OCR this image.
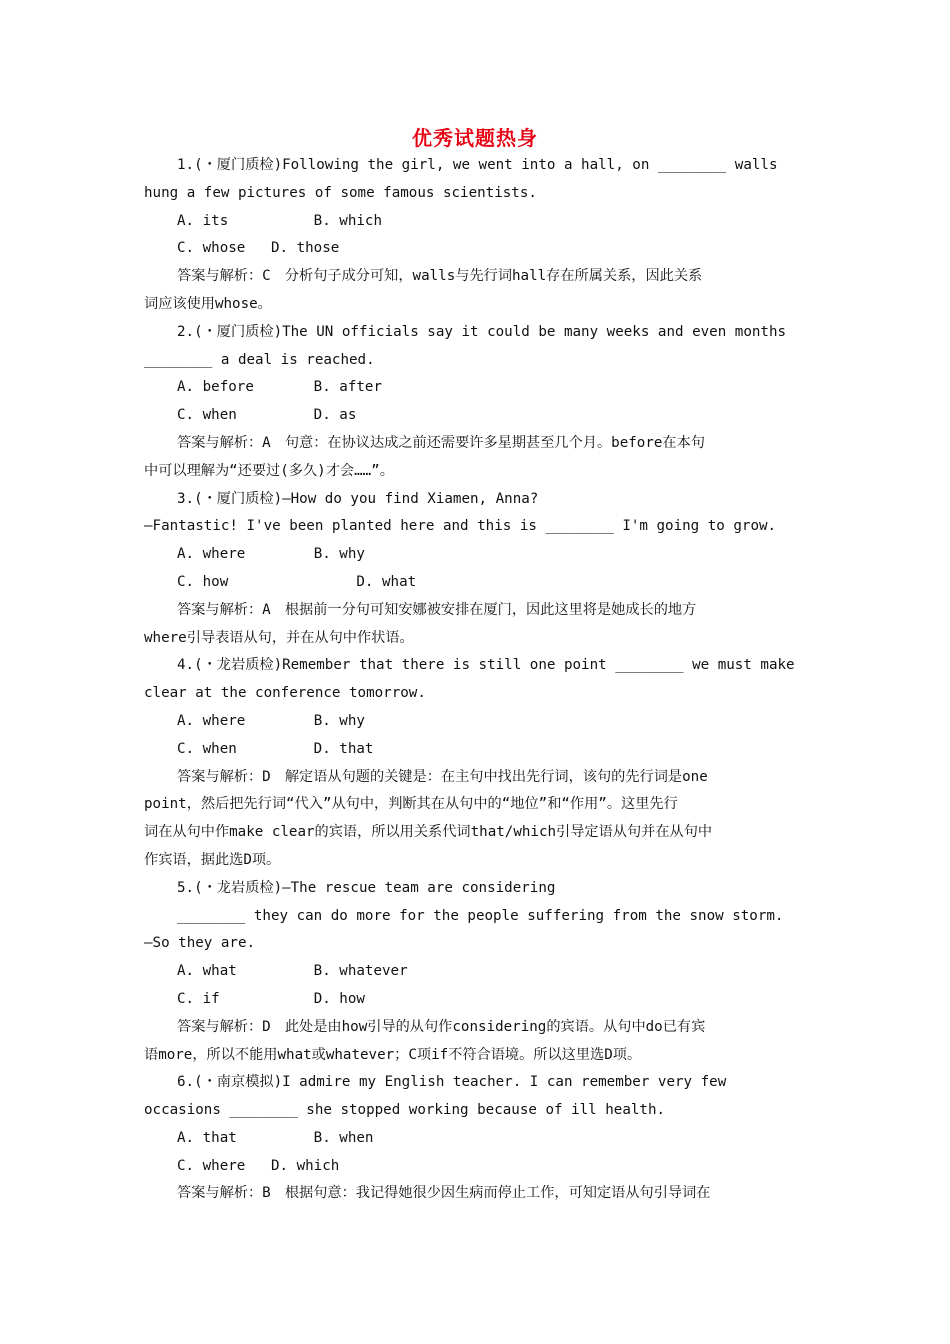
优秀试题热身

1.(・厦门质检)Following the girl, we went into a hall, on ________ walls

hung a few pictures of some famous scientists.

A. its	B. which

C. whose D. those

答案与解析：C　分析句子成分可知，walls与先行词hall存在所属关系，因此关系

词应该使用whose。

2.(・厦门质检)The UN officials say it could be many weeks and even months

________ a deal is reached.

A. before	B. after

C. when	D. as

答案与解析：A　句意：在协议达成之前还需要许多星期甚至几个月。before在本句

中可以理解为“还要过(多久)才会……”。

3.(・厦门质检)—How do you find Xiamen, Anna?

—Fantastic! I've been planted here and this is ________ I'm going to grow.

A. where	B. why

C. how	D. what

答案与解析：A　根据前一分句可知安娜被安排在厦门，因此这里将是她成长的地方

where引导表语从句，并在从句中作状语。

4.(・龙岩质检)Remember that there is still one point ________ we must make

clear at the conference tomorrow.

A. where	B. why

C. when	D. that

答案与解析：D　解定语从句题的关键是：在主句中找出先行词，该句的先行词是one

point，然后把先行词“代入”从句中，判断其在从句中的“地位”和“作用”。这里先行

词在从句中作make clear的宾语，所以用关系代词that/which引导定语从句并在从句中

作宾语，据此选D项。

5.(・龙岩质检)—The rescue team are considering

________ they can do more for the people suffering from the snow storm.

—So they are.

A. what	B. whatever

C. if	D. how

答案与解析：D　此处是由how引导的从句作considering的宾语。从句中do已有宾

语more，所以不能用what或whatever；C项if不符合语境。所以这里选D项。

6.(・南京模拟)I admire my English teacher. I can remember very few

occasions ________ she stopped working because of ill health.

A. that	B. when

C. where D. which

答案与解析：B　根据句意：我记得她很少因生病而停止工作，可知定语从句引导词在
